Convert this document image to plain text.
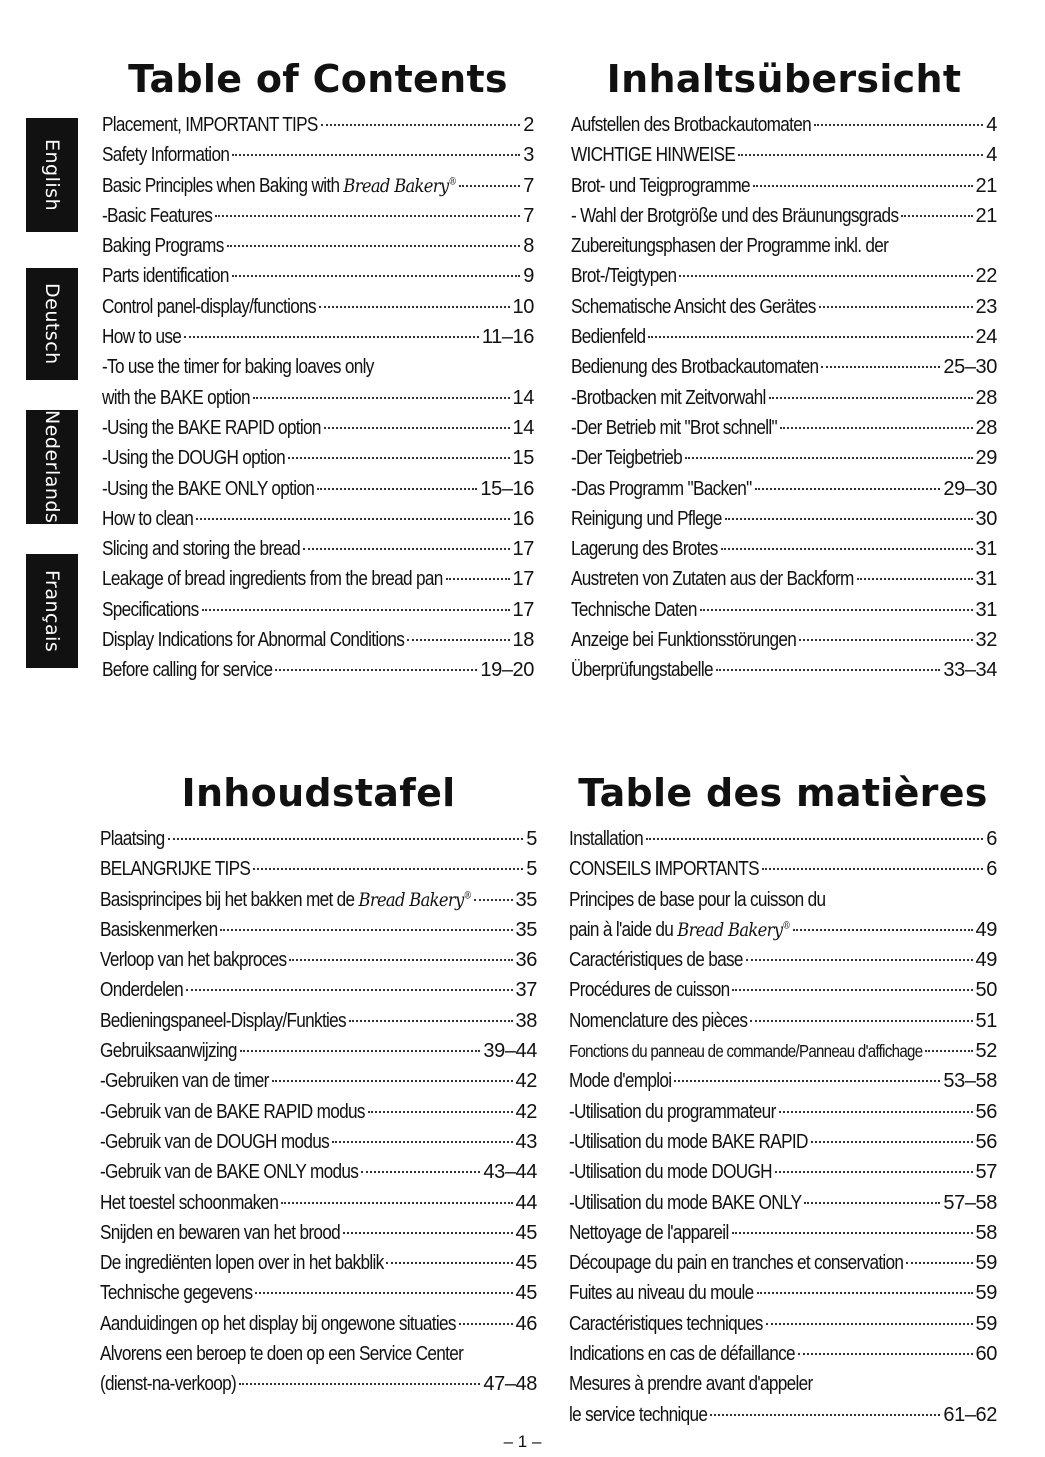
English
Deutsch
Nederlands
Français
Table of Contents
Placement, IMPORTANT TIPS	2
Safety Information	3
Basic Principles when Baking with Bread Bakery®	7
-Basic Features	7
Baking Programs	8
Parts identification	9
Control panel-display/functions	10
How to use	11–16
-To use the timer for baking loaves only
with the BAKE option	14
-Using the BAKE RAPID option	14
-Using the DOUGH option	15
-Using the BAKE ONLY option	15–16
How to clean	16
Slicing and storing the bread	17
Leakage of bread ingredients from the bread pan	17
Specifications	17
Display Indications for Abnormal Conditions	18
Before calling for service	19–20
Inhaltsübersicht
Aufstellen des Brotbackautomaten	4
WICHTIGE HINWEISE	4
Brot- und Teigprogramme	21
- Wahl der Brotgröße und des Bräunungsgrads	21
Zubereitungsphasen der Programme inkl. der
Brot-/Teigtypen	22
Schematische Ansicht des Gerätes	23
Bedienfeld	24
Bedienung des Brotbackautomaten	25–30
-Brotbacken mit Zeitvorwahl	28
-Der Betrieb mit "Brot schnell"	28
-Der Teigbetrieb	29
-Das Programm "Backen"	29–30
Reinigung und Pflege	30
Lagerung des Brotes	31
Austreten von Zutaten aus der Backform	31
Technische Daten	31
Anzeige bei Funktionsstörungen	32
Überprüfungstabelle	33–34
Inhoudstafel
Plaatsing	5
BELANGRIJKE TIPS	5
Basisprincipes bij het bakken met de Bread Bakery® 35
Basiskenmerken	35
Verloop van het bakproces	36
Onderdelen	37
Bedieningspaneel-Display/Funkties	38
Gebruiksaanwijzing	39–44
-Gebruiken van de timer	42
-Gebruik van de BAKE RAPID modus	42
-Gebruik van de DOUGH modus	43
-Gebruik van de BAKE ONLY modus	43–44
Het toestel schoonmaken	44
Snijden en bewaren van het brood	45
De ingrediënten lopen over in het bakblik	45
Technische gegevens	45
Aanduidingen op het display bij ongewone situaties	46
Alvorens een beroep te doen op een Service Center
(dienst-na-verkoop)	47–48
Table des matières
Installation	6
CONSEILS IMPORTANTS	6
Principes de base pour la cuisson du
pain à l'aide du Bread Bakery®	49
Caractéristiques de base	49
Procédures de cuisson	50
Nomenclature des pièces	51
Fonctions du panneau de commande/Panneau d'affichage	52
Mode d'emploi	53–58
-Utilisation du programmateur	56
-Utilisation du mode BAKE RAPID	56
-Utilisation du mode DOUGH	57
-Utilisation du mode BAKE ONLY	57–58
Nettoyage de l'appareil	58
Découpage du pain en tranches et conservation	59
Fuites au niveau du moule	59
Caractéristiques techniques	59
Indications en cas de défaillance	60
Mesures à prendre avant d'appeler
le service technique	61–62
– 1 –
